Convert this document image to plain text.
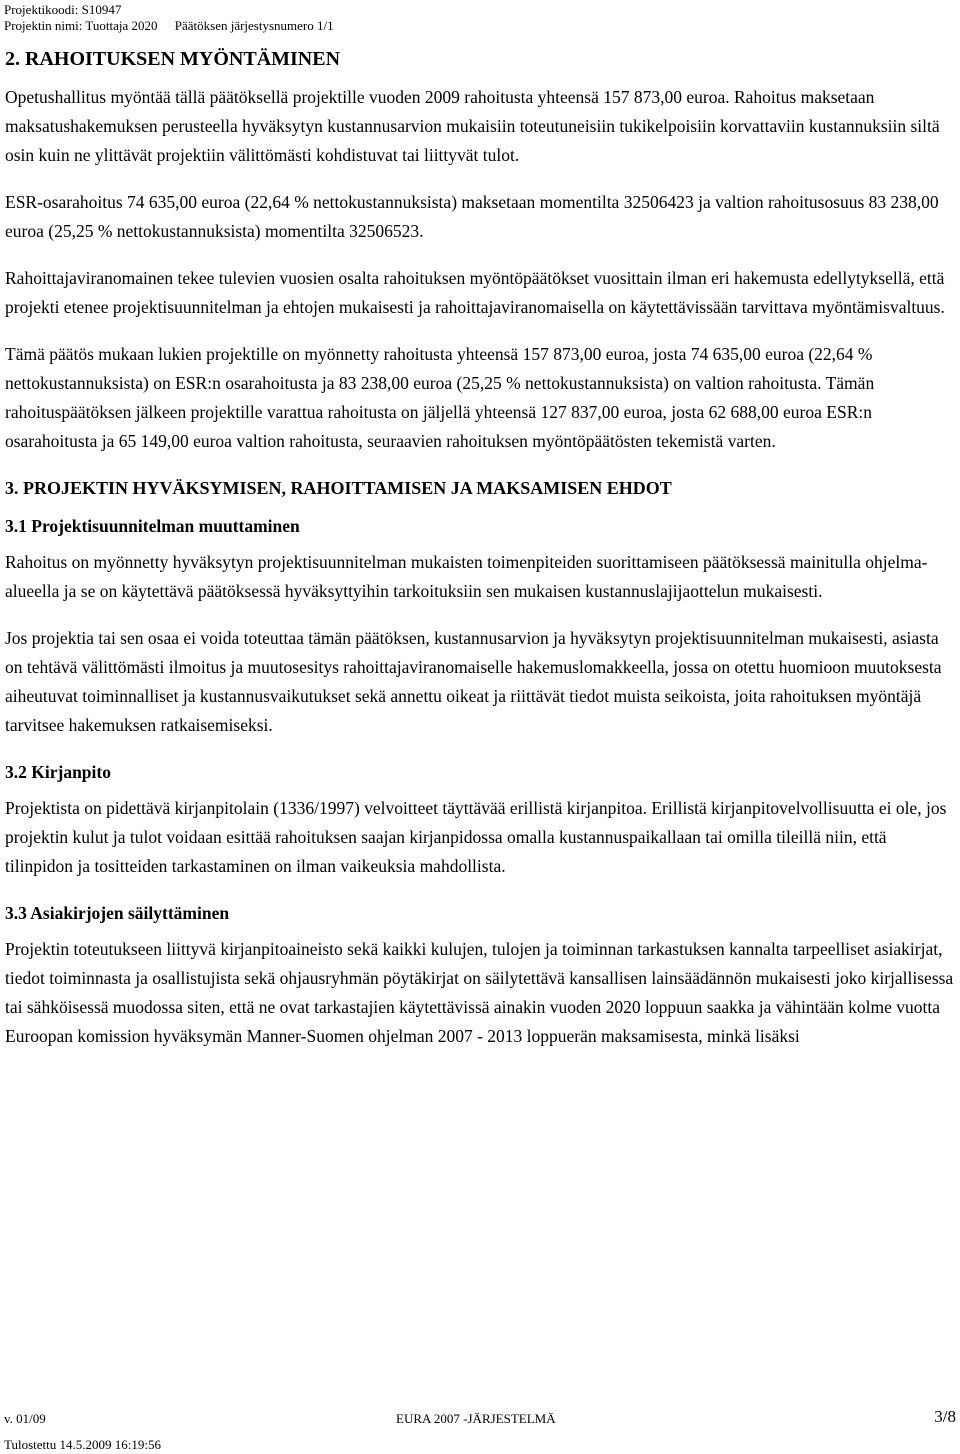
Projektikoodi: S10947
Projektin nimi: Tuottaja 2020 Päätöksen järjestysnumero 1/1
2. RAHOITUKSEN MYÖNTÄMINEN

Opetushallitus myöntää tällä päätöksellä projektille vuoden 2009 rahoitusta yhteensä 157 873,00 euroa. Rahoitus maksetaan maksatushakemuksen perusteella hyväksytyn kustannusarvion mukaisiin toteutuneisiin tukikelpoisiin korvattaviin kustannuksiin siltä osin kuin ne ylittävät projektiin välittömästi kohdistuvat tai liittyvät tulot.

ESR-osarahoitus 74 635,00 euroa (22,64 % nettokustannuksista) maksetaan momentilta 32506423 ja valtion rahoitusosuus 83 238,00 euroa (25,25 % nettokustannuksista) momentilta 32506523.

Rahoittajaviranomainen tekee tulevien vuosien osalta rahoituksen myöntöpäätökset vuosittain ilman eri hakemusta edellytyksellä, että projekti etenee projektisuunnitelman ja ehtojen mukaisesti ja rahoittajaviranomaisella on käytettävissään tarvittava myöntämisvaltuus.

Tämä päätös mukaan lukien projektille on myönnetty rahoitusta yhteensä 157 873,00 euroa, josta 74 635,00 euroa (22,64 % nettokustannuksista) on ESR:n osarahoitusta ja 83 238,00 euroa (25,25 % nettokustannuksista) on valtion rahoitusta. Tämän rahoituspäätöksen jälkeen projektille varattua rahoitusta on jäljellä yhteensä 127 837,00 euroa, josta 62 688,00 euroa ESR:n osarahoitusta ja 65 149,00 euroa valtion rahoitusta, seuraavien rahoituksen myöntöpäätösten tekemistä varten.

3. PROJEKTIN HYVÄKSYMISEN, RAHOITTAMISEN JA MAKSAMISEN EHDOT
3.1 Projektisuunnitelman muuttaminen

Rahoitus on myönnetty hyväksytyn projektisuunnitelman mukaisten toimenpiteiden suorittamiseen päätöksessä mainitulla ohjelma-alueella ja se on käytettävä päätöksessä hyväksyttyihin tarkoituksiin sen mukaisen kustannuslajijaottelun mukaisesti.

Jos projektia tai sen osaa ei voida toteuttaa tämän päätöksen, kustannusarvion ja hyväksytyn projektisuunnitelman mukaisesti, asiasta on tehtävä välittömästi ilmoitus ja muutosesitys rahoittajaviranomaiselle hakemuslomakkeella, jossa on otettu huomioon muutoksesta aiheutuvat toiminnalliset ja kustannusvaikutukset sekä annettu oikeat ja riittävät tiedot muista seikoista, joita rahoituksen myöntäjä tarvitsee hakemuksen ratkaisemiseksi.

3.2 Kirjanpito

Projektista on pidettävä kirjanpitolain (1336/1997) velvoitteet täyttävää erillistä kirjanpitoa. Erillistä kirjanpitovelvollisuutta ei ole, jos projektin kulut ja tulot voidaan esittää rahoituksen saajan kirjanpidossa omalla kustannuspaikallaan tai omilla tileillä niin, että tilinpidon ja tositteiden tarkastaminen on ilman vaikeuksia mahdollista.

3.3 Asiakirjojen säilyttäminen

Projektin toteutukseen liittyvä kirjanpitoaineisto sekä kaikki kulujen, tulojen ja toiminnan tarkastuksen kannalta tarpeelliset asiakirjat, tiedot toiminnasta ja osallistujista sekä ohjausryhmän pöytäkirjat on säilytettävä kansallisen lainsäädännön mukaisesti joko kirjallisessa tai sähköisessä muodossa siten, että ne ovat tarkastajien käytettävissä ainakin vuoden 2020 loppuun saakka ja vähintään kolme vuotta Euroopan komission hyväksymän Manner-Suomen ohjelman 2007 - 2013 loppuerän maksamisesta, minkä lisäksi

v. 01/09	EURA 2007 -JÄRJESTELMÄ	3/8
Tulostettu 14.5.2009 16:19:56
